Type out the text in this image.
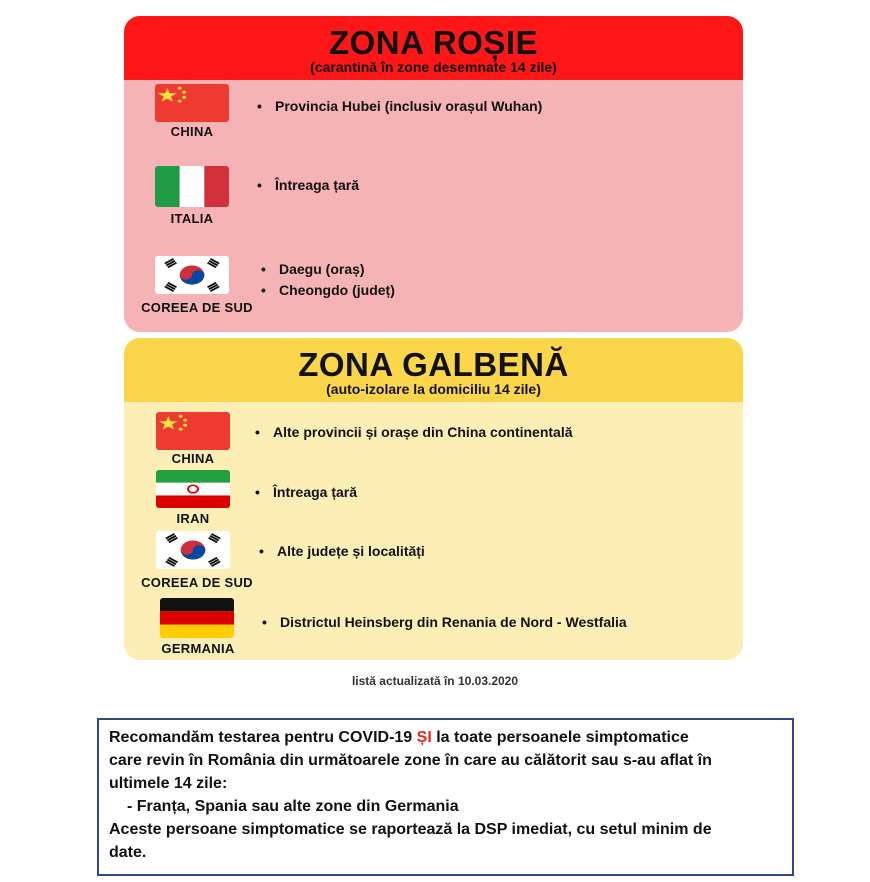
ZONA ROȘIE
(carantină în zone desemnate 14 zile)
CHINA
• Provincia Hubei (inclusiv orașul Wuhan)
ITALIA
• Întreaga țară
COREEA DE SUD
• Daegu (oraș)
• Cheongdo (județ)
ZONA GALBENĂ
(auto-izolare la domiciliu 14 zile)
CHINA
• Alte provincii și orașe din China continentală
IRAN
• Întreaga țară
COREEA DE SUD
• Alte județe și localități
GERMANIA
• Districtul Heinsberg din Renania de Nord - Westfalia
listă actualizată în 10.03.2020

Recomandăm testarea pentru COVID-19 ȘI la toate persoanele simptomatice

care revin în România din următoarele zone în care au călătorit sau s-au aflat în

ultimele 14 zile:

- Franța, Spania sau alte zone din Germania

Aceste persoane simptomatice se raportează la DSP imediat, cu setul minim de

date.
